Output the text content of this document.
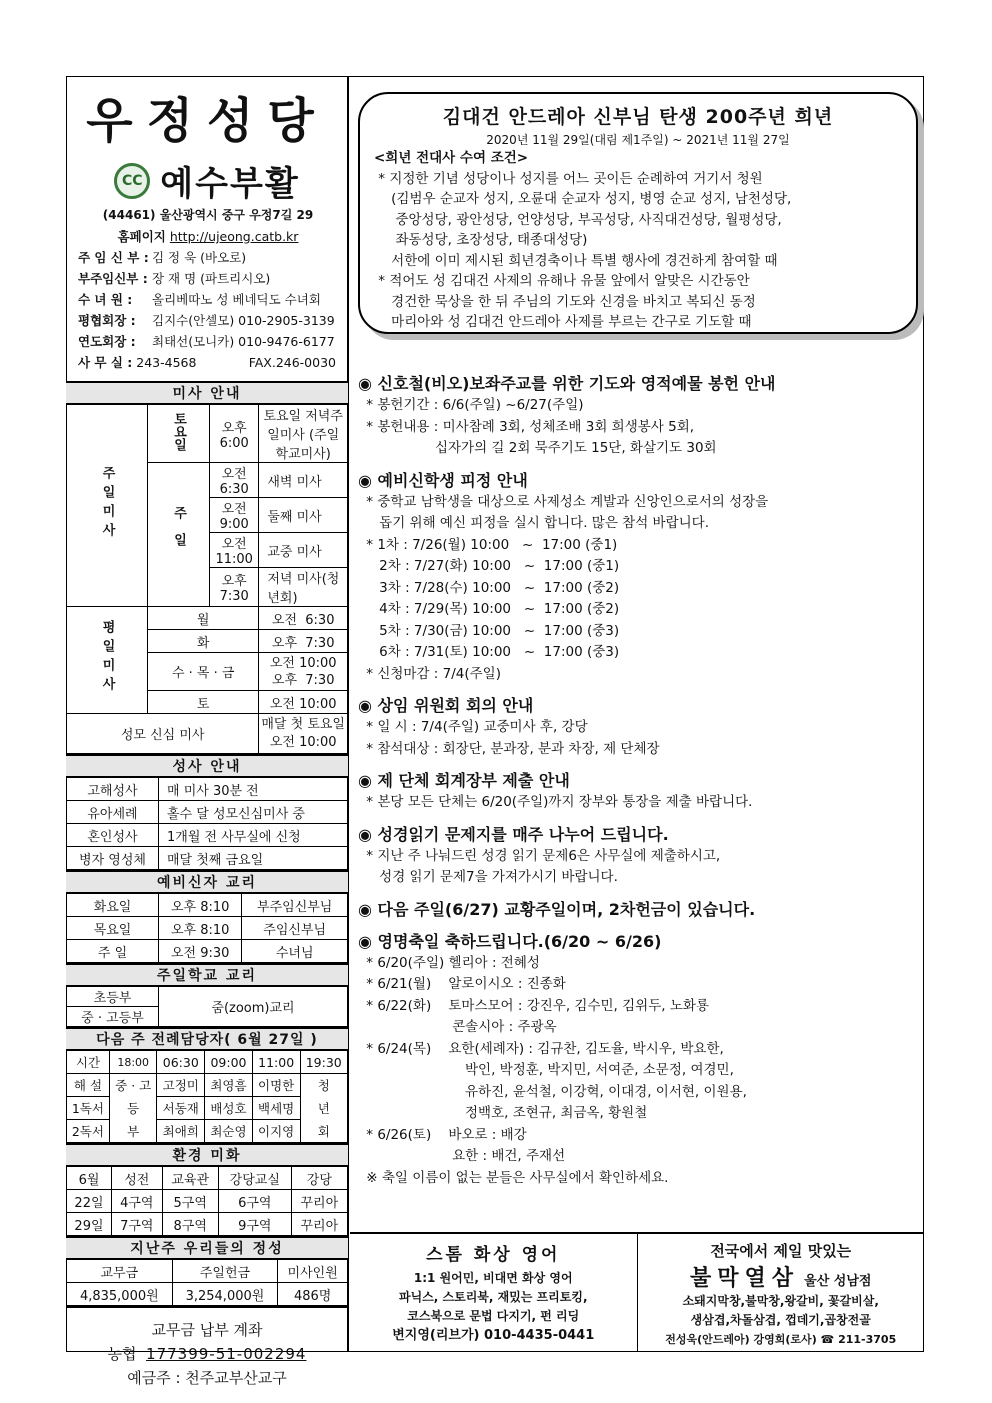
우정성당
CC 예수부활
(44461) 울산광역시 중구 우정7길 29
홈페이지 http://ujeong.catb.kr
주 임 신 부 : 김 정 욱 (바오로)
부주임신부 : 장 재 명 (파트리시오)
수 녀 원 :	올리베따노 성 베네딕도 수녀회
평협회장 :	김지수(안셀모) 010-2905-3139
연도회장 :	최태선(모니카) 010-9476-6177
사 무 실 : 243-4568	FAX.246-0030
미사 안내
주일미사	토요일	오후 6:00	토요일 저녁주일미사 (주일학교미사)
	주일	오전 6:30	새벽 미사
		오전 9:00	둘째 미사
		오전11:00	교중 미사
		오후 7:30	저녁 미사(청년회)
평일미사	월		오전  6:30
	화		오후  7:30
	수 · 목 · 금		오전 10:00
오후  7:30
	토		오전 10:00
성모 신심 미사			매달 첫 토요일
오전 10:00
성사 안내
고해성사	매 미사 30분 전
유아세례	홀수 달 성모신심미사 중
혼인성사	1개월 전 사무실에 신청
병자 영성체	매달 첫째 금요일
예비신자 교리
화요일	오후 8:10	부주임신부님
목요일	오후 8:10	주임신부님
주 일	오전 9:30	수녀님
주일학교 교리
초등부	줌(zoom)교리
중 · 고등부
다음 주 전례담당자( 6월 27일 )
시간	18:00	06:30	09:00	11:00	19:30
해 설	중 · 고	고정미	최영흠	이명한	청
1독서	등	서동재	배성호	백세명	년
2독서	부	최애희	최순영	이지영	회
환경 미화
6월	성전	교육관	강당교실	강당
22일	4구역	5구역	6구역	꾸리아
29일	7구역	8구역	9구역	꾸리아
지난주 우리들의 정성
교무금	주일헌금	미사인원
4,835,000원	3,254,000원	486명
교무금 납부 계좌
농협 177399-51-002294
예금주 : 천주교부산교구
김대건 안드레아 신부님 탄생 200주년 희년
2020년 11월 29일(대림 제1주일) ~ 2021년 11월 27일
<희년 전대사 수여 조건>
* 지정한 기념 성당이나 성지를 어느 곳이든 순례하여 거기서 청원
(김범우 순교자 성지, 오륜대 순교자 성지, 병영 순교 성지, 남천성당,
중앙성당, 광안성당, 언양성당, 부곡성당, 사직대건성당, 월평성당,
좌동성당, 초장성당, 태종대성당)
서한에 이미 제시된 희년경축이나 특별 행사에 경건하게 참여할 때
* 적어도 성 김대건 사제의 유해나 유물 앞에서 알맞은 시간동안
경건한 묵상을 한 뒤 주님의 기도와 신경을 바치고 복되신 동정
마리아와 성 김대건 안드레아 사제를 부르는 간구로 기도할 때
◉ 신호철(비오)보좌주교를 위한 기도와 영적예물 봉헌 안내
* 봉헌기간 : 6/6(주일) ~6/27(주일)
* 봉헌내용 : 미사참례 3회, 성체조배 3회 희생봉사 5회,
십자가의 길 2회 묵주기도 15단, 화살기도 30회
◉ 예비신학생 피정 안내
* 중학교 남학생을 대상으로 사제성소 계발과 신앙인으로서의 성장을
돕기 위해 예신 피정을 실시 합니다. 많은 참석 바랍니다.
* 1차 : 7/26(월) 10:00   ~  17:00 (중1)
2차 : 7/27(화) 10:00   ~  17:00 (중1)
3차 : 7/28(수) 10:00   ~  17:00 (중2)
4차 : 7/29(목) 10:00   ~  17:00 (중2)
5차 : 7/30(금) 10:00   ~  17:00 (중3)
6차 : 7/31(토) 10:00   ~  17:00 (중3)
* 신청마감 : 7/4(주일)
◉ 상임 위원회 회의 안내
* 일 시 : 7/4(주일) 교중미사 후, 강당
* 참석대상 : 회장단, 분과장, 분과 차장, 제 단체장
◉ 제 단체 회계장부 제출 안내
* 본당 모든 단체는 6/20(주일)까지 장부와 통장을 제출 바랍니다.
◉ 성경읽기 문제지를 매주 나누어 드립니다.
* 지난 주 나눠드린 성경 읽기 문제6은 사무실에 제출하시고,
성경 읽기 문제7을 가져가시기 바랍니다.
◉ 다음 주일(6/27) 교황주일이며, 2차헌금이 있습니다.
◉ 영명축일 축하드립니다.(6/20 ~ 6/26)
* 6/20(주일) 헬리아 : 전혜성
* 6/21(월)    알로이시오 : 진종화
* 6/22(화)    토마스모어 : 강진우, 김수민, 김위두, 노화룡
콘솔시아 : 주광옥
* 6/24(목)    요한(세례자) : 김규찬, 김도율, 박시우, 박요한,
박인, 박정훈, 박지민, 서여준, 소문정, 여경민,
유하진, 윤석철, 이강혁, 이대경, 이서현, 이원용,
정백호, 조현규, 최금옥, 황원철
* 6/26(토)    바오로 : 배강
요한 : 배건, 주재선
※ 축일 이름이 없는 분들은 사무실에서 확인하세요.
스톰 화상 영어
1:1 원어민, 비대면 화상 영어
파닉스, 스토리북, 재밌는 프리토킹,
코스북으로 문법 다지기, 펀 리딩
변지영(리브가) 010-4435-0441
전국에서 제일 맛있는
불막열삼 울산 성남점
소돼지막창,불막창,왕갈비, 꽃갈비살,
생삼겹,차돌삼겹, 껍데기,곱창전골
전성욱(안드레아) 강영희(로사) ☎ 211-3705
